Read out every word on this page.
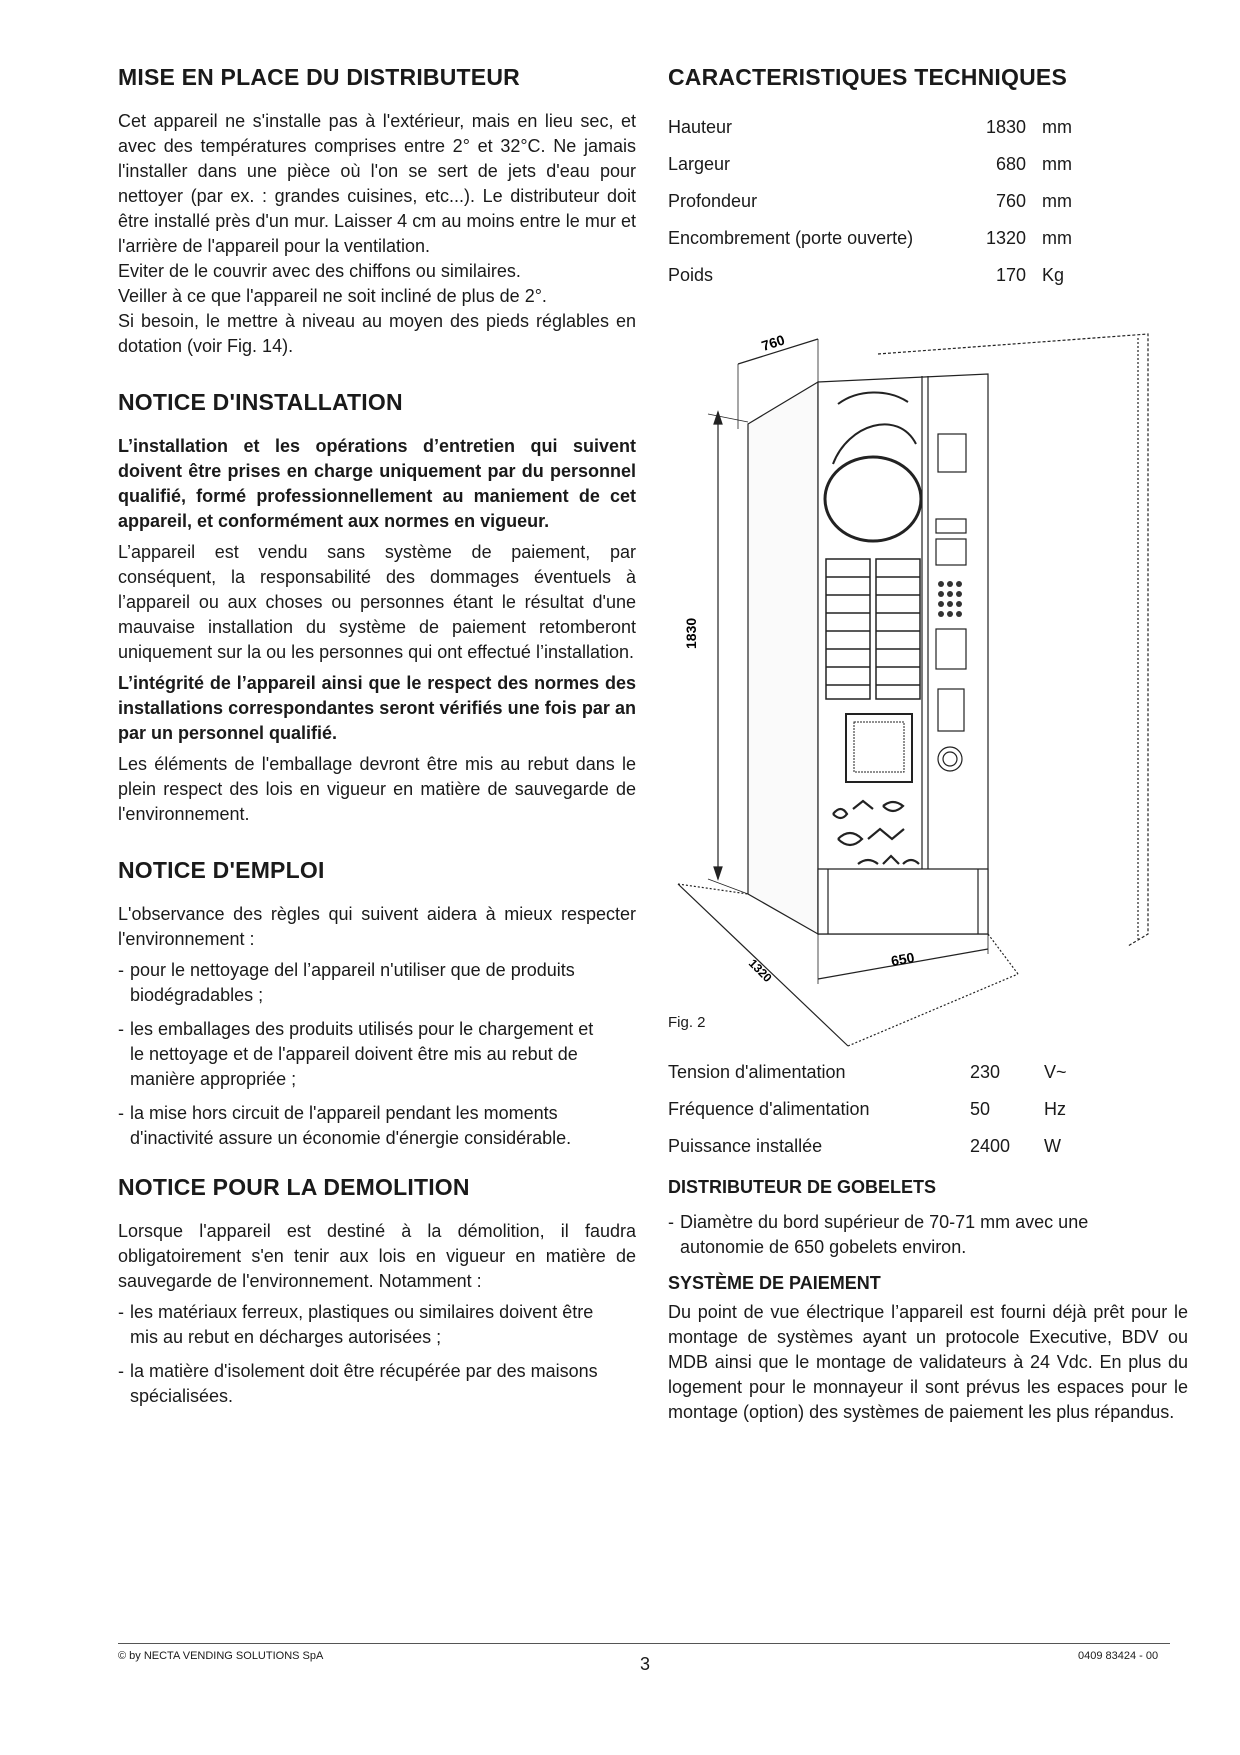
MISE EN PLACE DU DISTRIBUTEUR

Cet appareil ne s'installe pas à l'extérieur, mais en lieu sec, et avec des températures comprises entre 2° et 32°C. Ne jamais l'installer dans une pièce où l'on se sert de jets d'eau pour nettoyer (par ex. : grandes cuisines, etc...). Le distributeur doit être installé près d'un mur. Laisser 4 cm au moins entre le mur et l'arrière de l'appareil pour la ventilation.

Eviter de le couvrir avec des chiffons ou similaires.

Veiller à ce que l'appareil ne soit incliné de plus de 2°.

Si besoin, le mettre à niveau au moyen des pieds réglables en dotation (voir Fig. 14).

NOTICE D'INSTALLATION

L’installation et les opérations d’entretien qui suivent doivent être prises en charge uniquement par du personnel qualifié, formé professionnellement au maniement de cet appareil, et conformément aux normes en vigueur.

L’appareil est vendu sans système de paiement, par conséquent, la responsabilité des dommages éventuels à l’appareil ou aux choses ou personnes étant le résultat d'une mauvaise installation du système de paiement retomberont uniquement sur la ou les personnes qui ont effectué l’installation.

L’intégrité de l’appareil ainsi que le respect des normes des installations correspondantes seront vérifiés une fois par an par un personnel qualifié.

Les éléments de l'emballage devront être mis au rebut dans le plein respect des lois en vigueur en matière de sauvegarde de l'environnement.

NOTICE D'EMPLOI

L'observance des règles qui suivent aidera à mieux respecter l'environnement :

- pour le nettoyage del l’appareil n'utiliser que de produits biodégradables ;
- les emballages des produits utilisés pour le chargement et le nettoyage et de l'appareil doivent être mis au rebut de manière appropriée ;
- la mise hors circuit de l'appareil pendant les moments d'inactivité assure un économie d'énergie considérable.
NOTICE POUR LA DEMOLITION

Lorsque l'appareil est destiné à la démolition, il faudra obligatoirement s'en tenir aux lois en vigueur en matière de sauvegarde de l'environnement. Notamment :

- les matériaux ferreux, plastiques ou similaires doivent être mis au rebut en décharges autorisées ;
- la matière d'isolement doit être récupérée par des maisons spécialisées.
CARACTERISTIQUES TECHNIQUES
Hauteur	1830	mm
Largeur	680	mm
Profondeur	760	mm
Encombrement (porte ouverte)	1320	mm
Poids	170	Kg
760
1830
650
1320
Fig. 2
Tension d'alimentation	230	V~
Fréquence d'alimentation	50	Hz
Puissance installée	2400	W
DISTRIBUTEUR DE GOBELETS
- Diamètre du bord supérieur de 70-71 mm avec une autonomie de 650 gobelets environ.
SYSTÈME DE PAIEMENT

Du point de vue électrique l’appareil est fourni déjà prêt pour le montage de systèmes ayant un protocole Executive, BDV ou MDB ainsi que le montage de validateurs à 24 Vdc. En plus du logement pour le monnayeur il sont prévus les espaces pour le montage (option) des systèmes de paiement les plus répandus.

© by NECTA VENDING SOLUTIONS SpA	3	0409 83424 - 00
